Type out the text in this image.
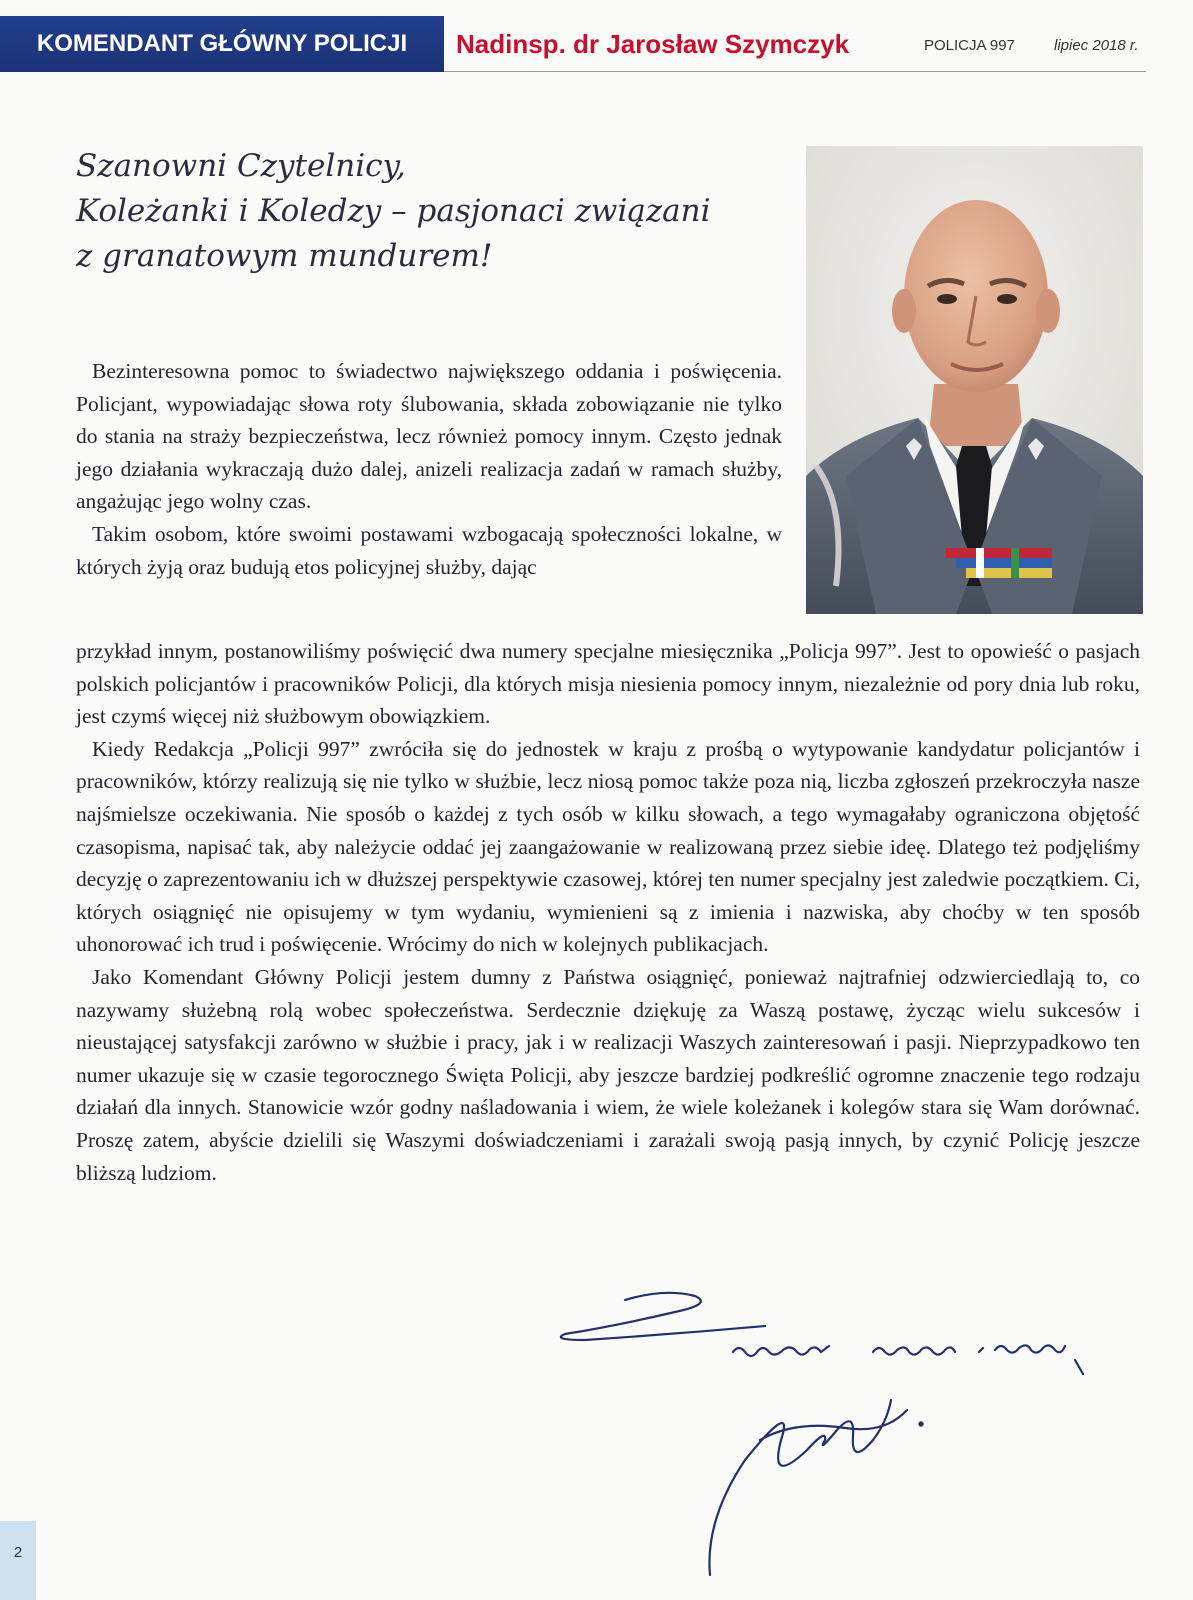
KOMENDANT GŁÓWNY POLICJI	Nadinsp. dr Jarosław Szymczyk	POLICJA 997	lipiec 2018 r.
Szanowni Czytelnicy,
Koleżanki i Koledzy – pasjonaci związani
z granatowym mundurem!

Bezinteresowna pomoc to świadectwo największego oddania i poświęcenia. Policjant, wypowiadając słowa roty ślubowania, składa zobowiązanie nie tylko do stania na straży bezpieczeństwa, lecz również pomocy innym. Często jednak jego działania wykraczają dużo dalej, anizeli realizacja zadań w ramach służby, angażując jego wolny czas.

Takim osobom, które swoimi postawami wzbogacają społeczności lokalne, w których żyją oraz budują etos policyjnej służby, dając

przykład innym, postanowiliśmy poświęcić dwa numery specjalne miesięcznika „Policja 997”. Jest to opowieść o pasjach polskich policjantów i pracowników Policji, dla których misja niesienia pomocy innym, niezależnie od pory dnia lub roku, jest czymś więcej niż służbowym obowiązkiem.

Kiedy Redakcja „Policji 997” zwróciła się do jednostek w kraju z prośbą o wytypowanie kandydatur policjantów i pracowników, którzy realizują się nie tylko w służbie, lecz niosą pomoc także poza nią, liczba zgłoszeń przekroczyła nasze najśmielsze oczekiwania. Nie sposób o każdej z tych osób w kilku słowach, a tego wymagałaby ograniczona objętość czasopisma, napisać tak, aby należycie oddać jej zaangażowanie w realizowaną przez siebie ideę. Dlatego też podjęliśmy decyzję o zaprezentowaniu ich w dłuższej perspektywie czasowej, której ten numer specjalny jest zaledwie początkiem. Ci, których osiągnięć nie opisujemy w tym wydaniu, wymienieni są z imienia i nazwiska, aby choćby w ten sposób uhonorować ich trud i poświęcenie. Wrócimy do nich w kolejnych publikacjach.

Jako Komendant Główny Policji jestem dumny z Państwa osiągnięć, ponieważ najtrafniej odzwierciedlają to, co nazywamy służebną rolą wobec społeczeństwa. Serdecznie dziękuję za Waszą postawę, życząc wielu sukcesów i nieustającej satysfakcji zarówno w służbie i pracy, jak i w realizacji Waszych zainteresowań i pasji. Nieprzypadkowo ten numer ukazuje się w czasie tegorocznego Święta Policji, aby jeszcze bardziej podkreślić ogromne znaczenie tego rodzaju działań dla innych. Stanowicie wzór godny naśladowania i wiem, że wiele koleżanek i kolegów stara się Wam dorównać. Proszę zatem, abyście dzielili się Waszymi doświadczeniami i zarażali swoją pasją innych, by czynić Policję jeszcze bliższą ludziom.

2
